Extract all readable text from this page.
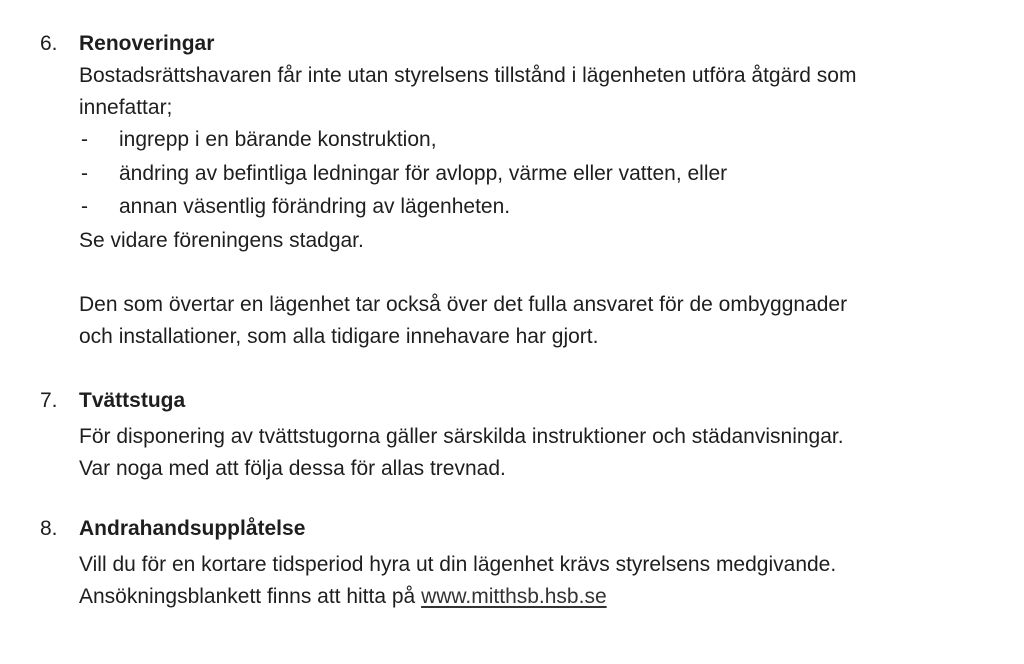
6. Renoveringar
Bostadsrättshavaren får inte utan styrelsens tillstånd i lägenheten utföra åtgärd som
innefattar;
- ingrepp i en bärande konstruktion,
- ändring av befintliga ledningar för avlopp, värme eller vatten, eller
- annan väsentlig förändring av lägenheten.
Se vidare föreningens stadgar.
Den som övertar en lägenhet tar också över det fulla ansvaret för de ombyggnader
och installationer, som alla tidigare innehavare har gjort.
7. Tvättstuga
För disponering av tvättstugorna gäller särskilda instruktioner och städanvisningar.
Var noga med att följa dessa för allas trevnad.
8. Andrahandsupplåtelse
Vill du för en kortare tidsperiod hyra ut din lägenhet krävs styrelsens medgivande.
Ansökningsblankett finns att hitta på www.mitthsb.hsb.se
